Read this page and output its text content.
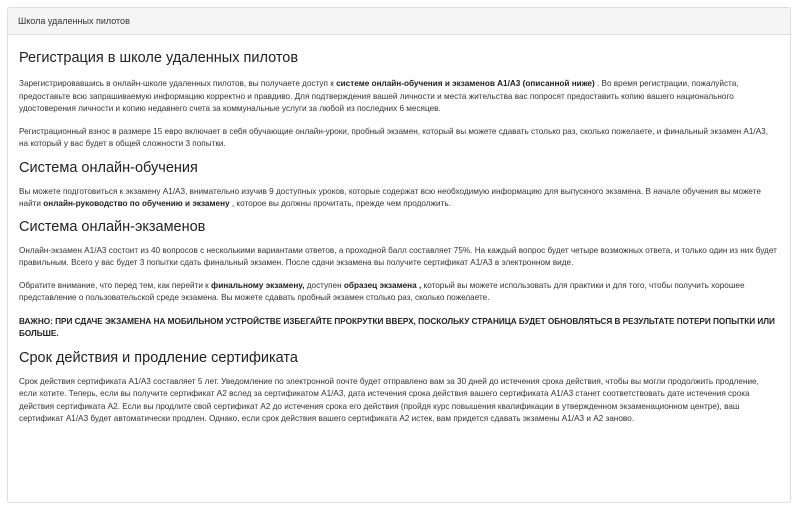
Школа удаленных пилотов
Регистрация в школе удаленных пилотов

Зарегистрировавшись в онлайн-школе удаленных пилотов, вы получаете доступ к системе онлайн-обучения и экзаменов A1/A3 (описанной ниже) . Во время регистрации, пожалуйста, предоставьте всю запрашиваемую информацию корректно и правдиво. Для подтверждения вашей личности и места жительства вас попросят предоставить копию вашего национального удостоверения личности и копию недавнего счета за коммунальные услуги за любой из последних 6 месяцев.

Регистрационный взнос в размере 15 евро включает в себя обучающие онлайн-уроки, пробный экзамен, который вы можете сдавать столько раз, сколько пожелаете, и финальный экзамен A1/A3, на который у вас будет в общей сложности 3 попытки.

Система онлайн-обучения

Вы можете подготовиться к экзамену A1/A3, внимательно изучив 9 доступных уроков, которые содержат всю необходимую информацию для выпускного экзамена. В начале обучения вы можете найти онлайн-руководство по обучению и экзамену , которое вы должны прочитать, прежде чем продолжить.

Система онлайн-экзаменов

Онлайн-экзамен A1/A3 состоит из 40 вопросов с несколькими вариантами ответов, а проходной балл составляет 75%. На каждый вопрос будет четыре возможных ответа, и только один из них будет правильным. Всего у вас будет 3 попытки сдать финальный экзамен. После сдачи экзамена вы получите сертификат A1/A3 в электронном виде.

Обратите внимание, что перед тем, как перейти к финальному экзамену, доступен образец экзамена , который вы можете использовать для практики и для того, чтобы получить хорошее представление о пользовательской среде экзамена. Вы можете сдавать пробный экзамен столько раз, сколько пожелаете.

ВАЖНО: ПРИ СДАЧЕ ЭКЗАМЕНА НА МОБИЛЬНОМ УСТРОЙСТВЕ ИЗБЕГАЙТЕ ПРОКРУТКИ ВВЕРХ, ПОСКОЛЬКУ СТРАНИЦА БУДЕТ ОБНОВЛЯТЬСЯ В РЕЗУЛЬТАТЕ ПОТЕРИ ПОПЫТКИ ИЛИ БОЛЬШЕ.

Срок действия и продление сертификата

Срок действия сертификата A1/A3 составляет 5 лет. Уведомление по электронной почте будет отправлено вам за 30 дней до истечения срока действия, чтобы вы могли продолжить продление, если хотите. Теперь, если вы получите сертификат A2 вслед за сертификатом A1/A3, дата истечения срока действия вашего сертификата A1/A3 станет соответствовать дате истечения срока действия сертификата A2. Если вы продлите свой сертификат A2 до истечения срока его действия (пройдя курс повышения квалификации в утвержденном экзаменационном центре), ваш сертификат A1/A3 будет автоматически продлен. Однако, если срок действия вашего сертификата A2 истек, вам придется сдавать экзамены A1/A3 и A2 заново.
